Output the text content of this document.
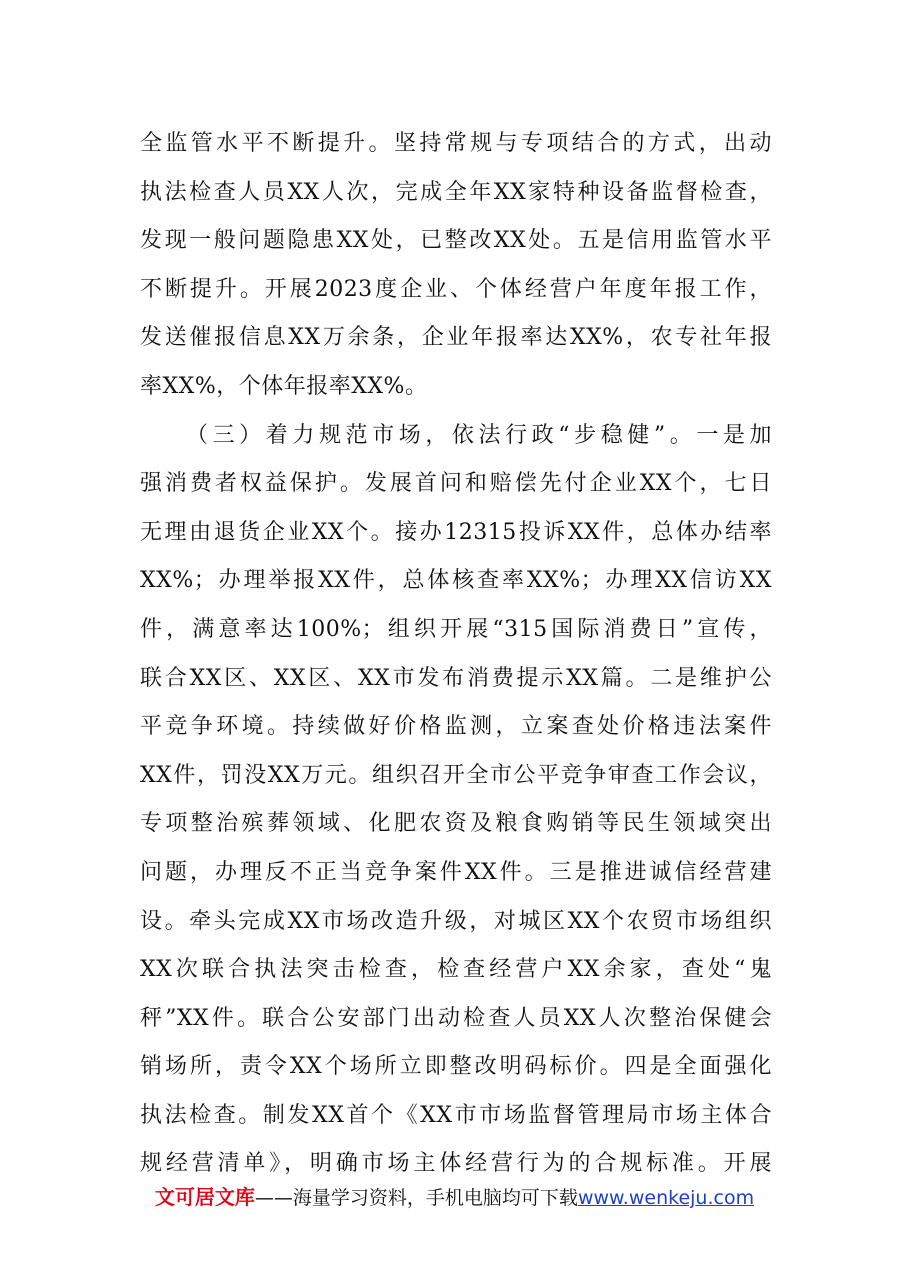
全监管水平不断提升。坚持常规与专项结合的方式，出动
执法检查人员XX人次，完成全年XX家特种设备监督检查，
发现一般问题隐患XX处，已整改XX处。五是信用监管水平
不断提升。开展2023度企业、个体经营户年度年报工作，
发送催报信息XX万余条，企业年报率达XX%，农专社年报
率XX%，个体年报率XX%。
（三）着力规范市场，依法行政“步稳健”。一是加
强消费者权益保护。发展首问和赔偿先付企业XX个，七日
无理由退货企业XX个。接办12315投诉XX件，总体办结率
XX%；办理举报XX件，总体核查率XX%；办理XX信访XX
件，满意率达100%；组织开展“315国际消费日”宣传，
联合XX区、XX区、XX市发布消费提示XX篇。二是维护公
平竞争环境。持续做好价格监测，立案查处价格违法案件
XX件，罚没XX万元。组织召开全市公平竞争审查工作会议，
专项整治殡葬领域、化肥农资及粮食购销等民生领域突出
问题，办理反不正当竞争案件XX件。三是推进诚信经营建
设。牵头完成XX市场改造升级，对城区XX个农贸市场组织
XX次联合执法突击检查，检查经营户XX余家，查处“鬼
秤”XX件。联合公安部门出动检查人员XX人次整治保健会
销场所，责令XX个场所立即整改明码标价。四是全面强化
执法检查。制发XX首个《XX市市场监督管理局市场主体合
规经营清单》，明确市场主体经营行为的合规标准。开展
文可居文库——海量学习资料，手机电脑均可下载www.wenkeju.com
